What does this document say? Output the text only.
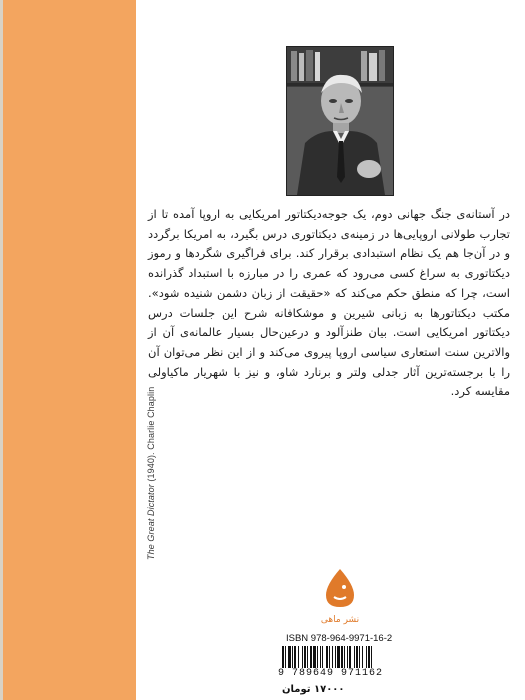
The Great Dictator (1940). Charlie Chaplin

در آستانه‌ی جنگ جهانی دوم، یک جوجه‌دیکتاتور امریکایی به اروپا آمده تا از تجارب طولانی اروپایی‌ها در زمینه‌ی دیکتاتوری درس بگیرد، به امریکا برگردد و در آن‌جا هم یک نظام استبدادی برقرار کند. برای فراگیری شگردها و رموز دیکتاتوری به سراغ کسی می‌رود که عمری را در مبارزه با استبداد گذرانده است، چرا که منطق حکم می‌کند که «حقیقت از زبان دشمن شنیده شود». مکتب دیکتاتورها به زبانی شیرین و موشکافانه شرح این جلسات درس دیکتاتور امریکایی است. بیان طنزآلود و درعین‌حال بسیار عالمانه‌ی آن از والاترین سنت استعاری سیاسی اروپا پیروی می‌کند و از این نظر می‌توان آن را با برجسته‌ترین آثار جدلی ولتر و برنارد شاو، و نیز با شهریار ماکیاولی مقایسه کرد.

نشر ماهی
ISBN 978-964-9971-16-2
9 789649 971162
۱۷۰۰۰ تومان
